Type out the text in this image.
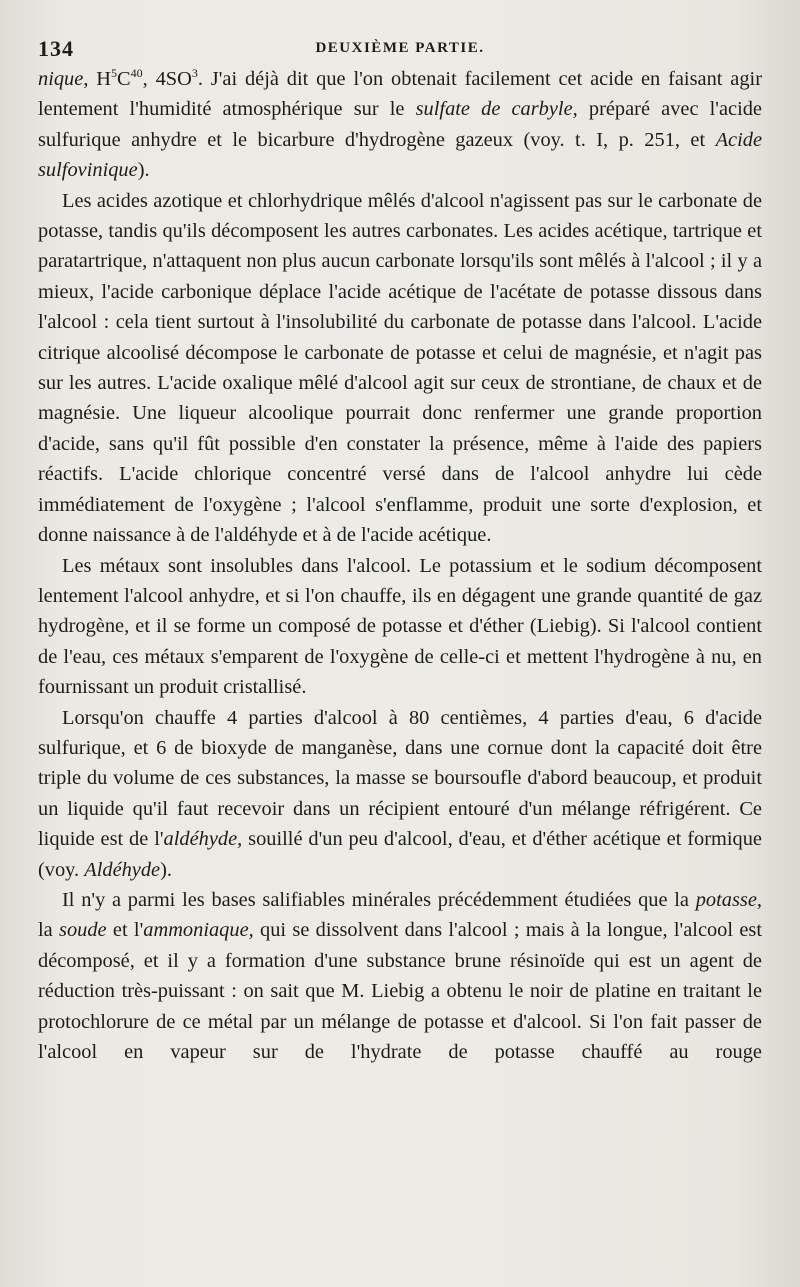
134	DEUXIÈME PARTIE.

nique, $H^5C^{40}$, $4SO^3$. J'ai déjà dit que l'on obtenait facilement cet acide en faisant agir lentement l'humidité atmosphérique sur le sulfate de carbyle, préparé avec l'acide sulfurique anhydre et le bicarbure d'hydrogène gazeux (voy. t. I, p. 251, et Acide sulfovinique).

Les acides azotique et chlorhydrique mêlés d'alcool n'agissent pas sur le carbonate de potasse, tandis qu'ils décomposent les autres carbonates. Les acides acétique, tartrique et paratartrique, n'attaquent non plus aucun carbonate lorsqu'ils sont mêlés à l'alcool ; il y a mieux, l'acide carbonique déplace l'acide acétique de l'acétate de potasse dissous dans l'alcool : cela tient surtout à l'insolubilité du carbonate de potasse dans l'alcool. L'acide citrique alcoolisé décompose le carbonate de potasse et celui de magnésie, et n'agit pas sur les autres. L'acide oxalique mêlé d'alcool agit sur ceux de strontiane, de chaux et de magnésie. Une liqueur alcoolique pourrait donc renfermer une grande proportion d'acide, sans qu'il fût possible d'en constater la présence, même à l'aide des papiers réactifs. L'acide chlorique concentré versé dans de l'alcool anhydre lui cède immédiatement de l'oxygène ; l'alcool s'enflamme, produit une sorte d'explosion, et donne naissance à de l'aldéhyde et à de l'acide acétique.

Les métaux sont insolubles dans l'alcool. Le potassium et le sodium décomposent lentement l'alcool anhydre, et si l'on chauffe, ils en dégagent une grande quantité de gaz hydrogène, et il se forme un composé de potasse et d'éther (Liebig). Si l'alcool contient de l'eau, ces métaux s'emparent de l'oxygène de celle-ci et mettent l'hydrogène à nu, en fournissant un produit cristallisé.

Lorsqu'on chauffe 4 parties d'alcool à 80 centièmes, 4 parties d'eau, 6 d'acide sulfurique, et 6 de bioxyde de manganèse, dans une cornue dont la capacité doit être triple du volume de ces substances, la masse se boursoufle d'abord beaucoup, et produit un liquide qu'il faut recevoir dans un récipient entouré d'un mélange réfrigérent. Ce liquide est de l'aldéhyde, souillé d'un peu d'alcool, d'eau, et d'éther acétique et formique (voy. Aldéhyde).

Il n'y a parmi les bases salifiables minérales précédemment étudiées que la potasse, la soude et l'ammoniaque, qui se dissolvent dans l'alcool ; mais à la longue, l'alcool est décomposé, et il y a formation d'une substance brune résinoïde qui est un agent de réduction très-puissant : on sait que M. Liebig a obtenu le noir de platine en traitant le protochlorure de ce métal par un mélange de potasse et d'alcool. Si l'on fait passer de l'alcool en vapeur sur de l'hydrate de potasse chauffé au rouge
